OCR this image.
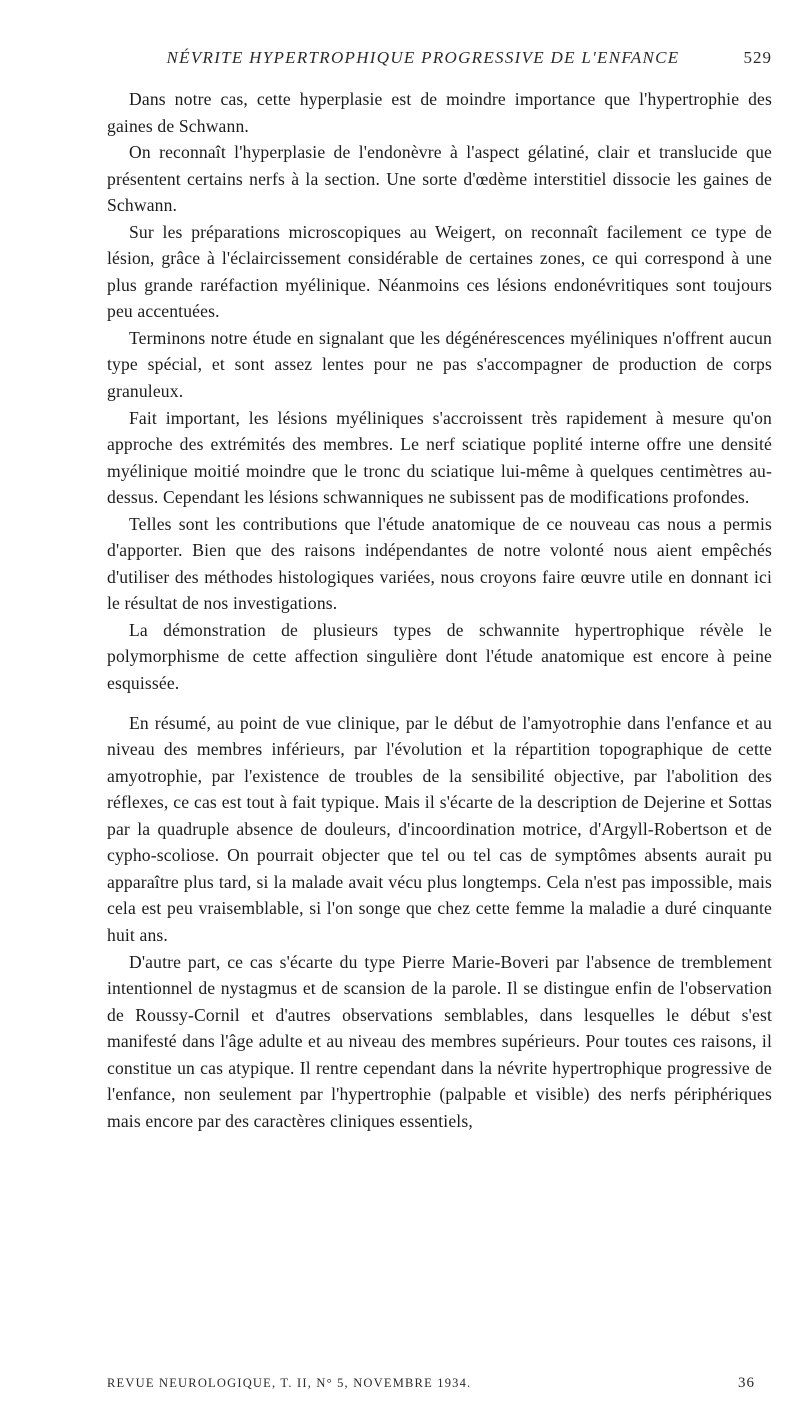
NÉVRITE HYPERTROPHIQUE PROGRESSIVE DE L'ENFANCE	529

Dans notre cas, cette hyperplasie est de moindre importance que l'hypertrophie des gaines de Schwann.

On reconnaît l'hyperplasie de l'endonèvre à l'aspect gélatiné, clair et translucide que présentent certains nerfs à la section. Une sorte d'œdème interstitiel dissocie les gaines de Schwann.

Sur les préparations microscopiques au Weigert, on reconnaît facilement ce type de lésion, grâce à l'éclaircissement considérable de certaines zones, ce qui correspond à une plus grande raréfaction myélinique. Néanmoins ces lésions endonévritiques sont toujours peu accentuées.

Terminons notre étude en signalant que les dégénérescences myéliniques n'offrent aucun type spécial, et sont assez lentes pour ne pas s'accompagner de production de corps granuleux.

Fait important, les lésions myéliniques s'accroissent très rapidement à mesure qu'on approche des extrémités des membres. Le nerf sciatique poplité interne offre une densité myélinique moitié moindre que le tronc du sciatique lui-même à quelques centimètres au-dessus. Cependant les lésions schwanniques ne subissent pas de modifications profondes.

Telles sont les contributions que l'étude anatomique de ce nouveau cas nous a permis d'apporter. Bien que des raisons indépendantes de notre volonté nous aient empêchés d'utiliser des méthodes histologiques variées, nous croyons faire œuvre utile en donnant ici le résultat de nos investigations.

La démonstration de plusieurs types de schwannite hypertrophique révèle le polymorphisme de cette affection singulière dont l'étude anatomique est encore à peine esquissée.

En résumé, au point de vue clinique, par le début de l'amyotrophie dans l'enfance et au niveau des membres inférieurs, par l'évolution et la répartition topographique de cette amyotrophie, par l'existence de troubles de la sensibilité objective, par l'abolition des réflexes, ce cas est tout à fait typique. Mais il s'écarte de la description de Dejerine et Sottas par la quadruple absence de douleurs, d'incoordination motrice, d'Argyll-Robertson et de cypho-scoliose. On pourrait objecter que tel ou tel cas de symptômes absents aurait pu apparaître plus tard, si la malade avait vécu plus longtemps. Cela n'est pas impossible, mais cela est peu vraisemblable, si l'on songe que chez cette femme la maladie a duré cinquante huit ans.

D'autre part, ce cas s'écarte du type Pierre Marie-Boveri par l'absence de tremblement intentionnel de nystagmus et de scansion de la parole. Il se distingue enfin de l'observation de Roussy-Cornil et d'autres observations semblables, dans lesquelles le début s'est manifesté dans l'âge adulte et au niveau des membres supérieurs. Pour toutes ces raisons, il constitue un cas atypique. Il rentre cependant dans la névrite hypertrophique progressive de l'enfance, non seulement par l'hypertrophie (palpable et visible) des nerfs périphériques mais encore par des caractères cliniques essentiels,

REVUE NEUROLOGIQUE, T. II, N° 5, NOVEMBRE 1934.	36
